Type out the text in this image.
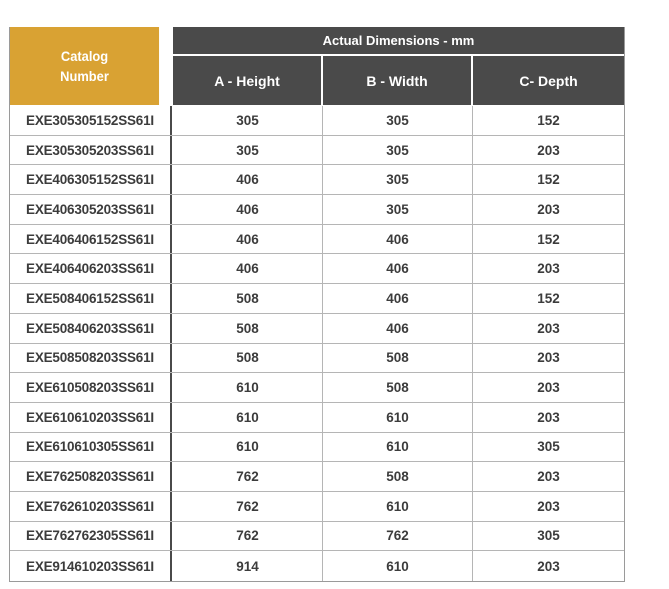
Catalog
Number
Actual Dimensions - mm
A - Height	B - Width	C- Depth
EXE305305152SS61I	305	305	152
EXE305305203SS61I	305	305	203
EXE406305152SS61I	406	305	152
EXE406305203SS61I	406	305	203
EXE406406152SS61I	406	406	152
EXE406406203SS61I	406	406	203
EXE508406152SS61I	508	406	152
EXE508406203SS61I	508	406	203
EXE508508203SS61I	508	508	203
EXE610508203SS61I	610	508	203
EXE610610203SS61I	610	610	203
EXE610610305SS61I	610	610	305
EXE762508203SS61I	762	508	203
EXE762610203SS61I	762	610	203
EXE762762305SS61I	762	762	305
EXE914610203SS61I	914	610	203
